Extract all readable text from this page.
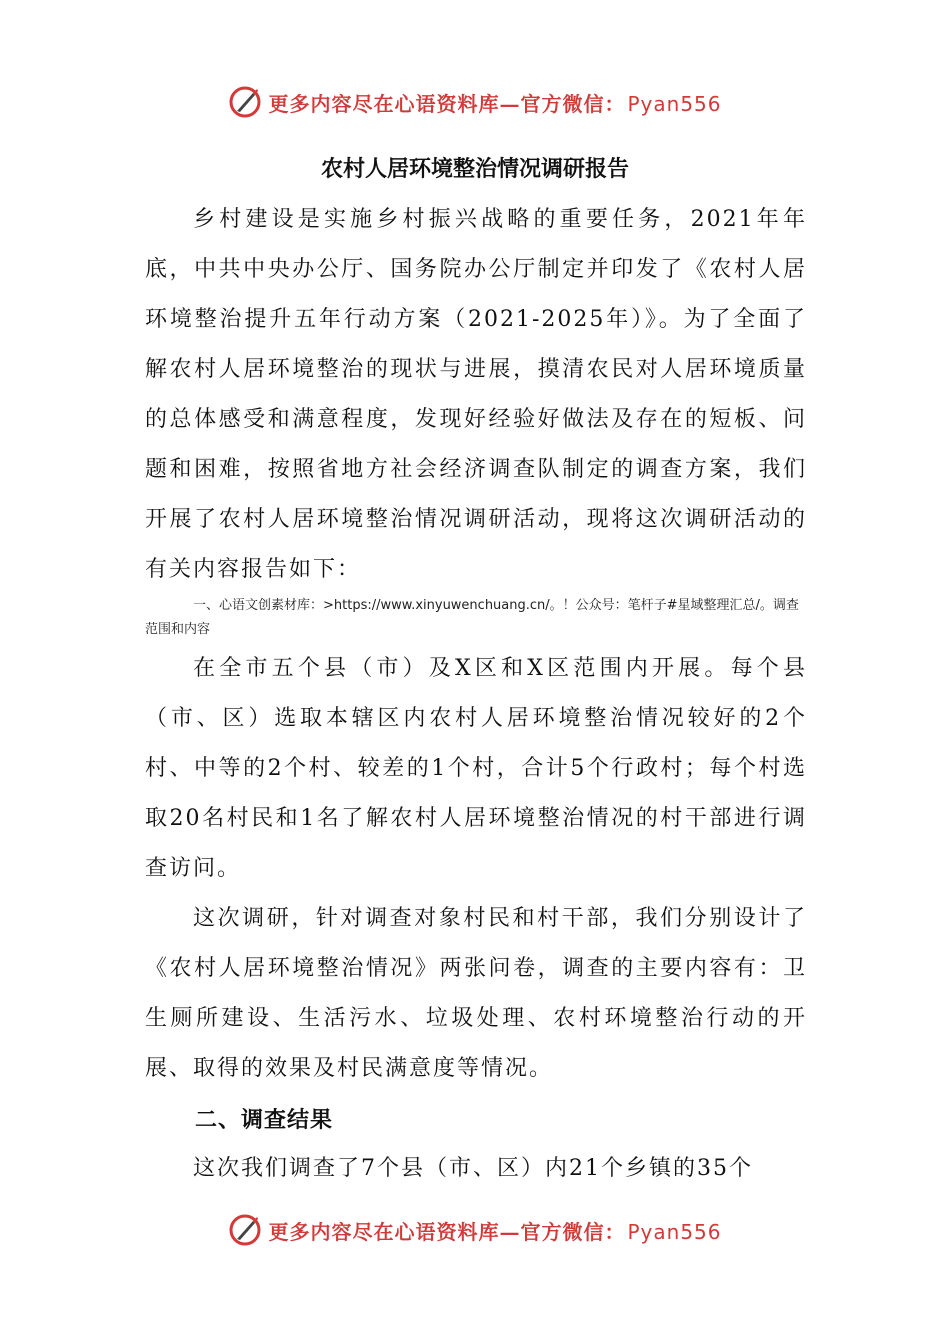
更多内容尽在心语资料库—官方微信： Pyan556
农村人居环境整治情况调研报告

乡村建设是实施乡村振兴战略的重要任务，2021年年底，中共中央办公厅、国务院办公厅制定并印发了《农村人居环境整治提升五年行动方案（2021-2025年）》。为了全面了解农村人居环境整治的现状与进展，摸清农民对人居环境质量的总体感受和满意程度，发现好经验好做法及存在的短板、问题和困难，按照省地方社会经济调查队制定的调查方案，我们开展了农村人居环境整治情况调研活动，现将这次调研活动的有关内容报告如下：

一、心语文创素材库：>https://www.xinyuwenchuang.cn/。！公众号：笔杆子#星域整理汇总/。调查范围和内容

在全市五个县（市）及X区和X区范围内开展。每个县（市、区）选取本辖区内农村人居环境整治情况较好的2个村、中等的2个村、较差的1个村，合计5个行政村；每个村选取20名村民和1名了解农村人居环境整治情况的村干部进行调查访问。

这次调研，针对调查对象村民和村干部，我们分别设计了《农村人居环境整治情况》两张问卷，调查的主要内容有：卫生厕所建设、生活污水、垃圾处理、农村环境整治行动的开展、取得的效果及村民满意度等情况。

二、调查结果

这次我们调查了7个县（市、区）内21个乡镇的35个

更多内容尽在心语资料库—官方微信： Pyan556
